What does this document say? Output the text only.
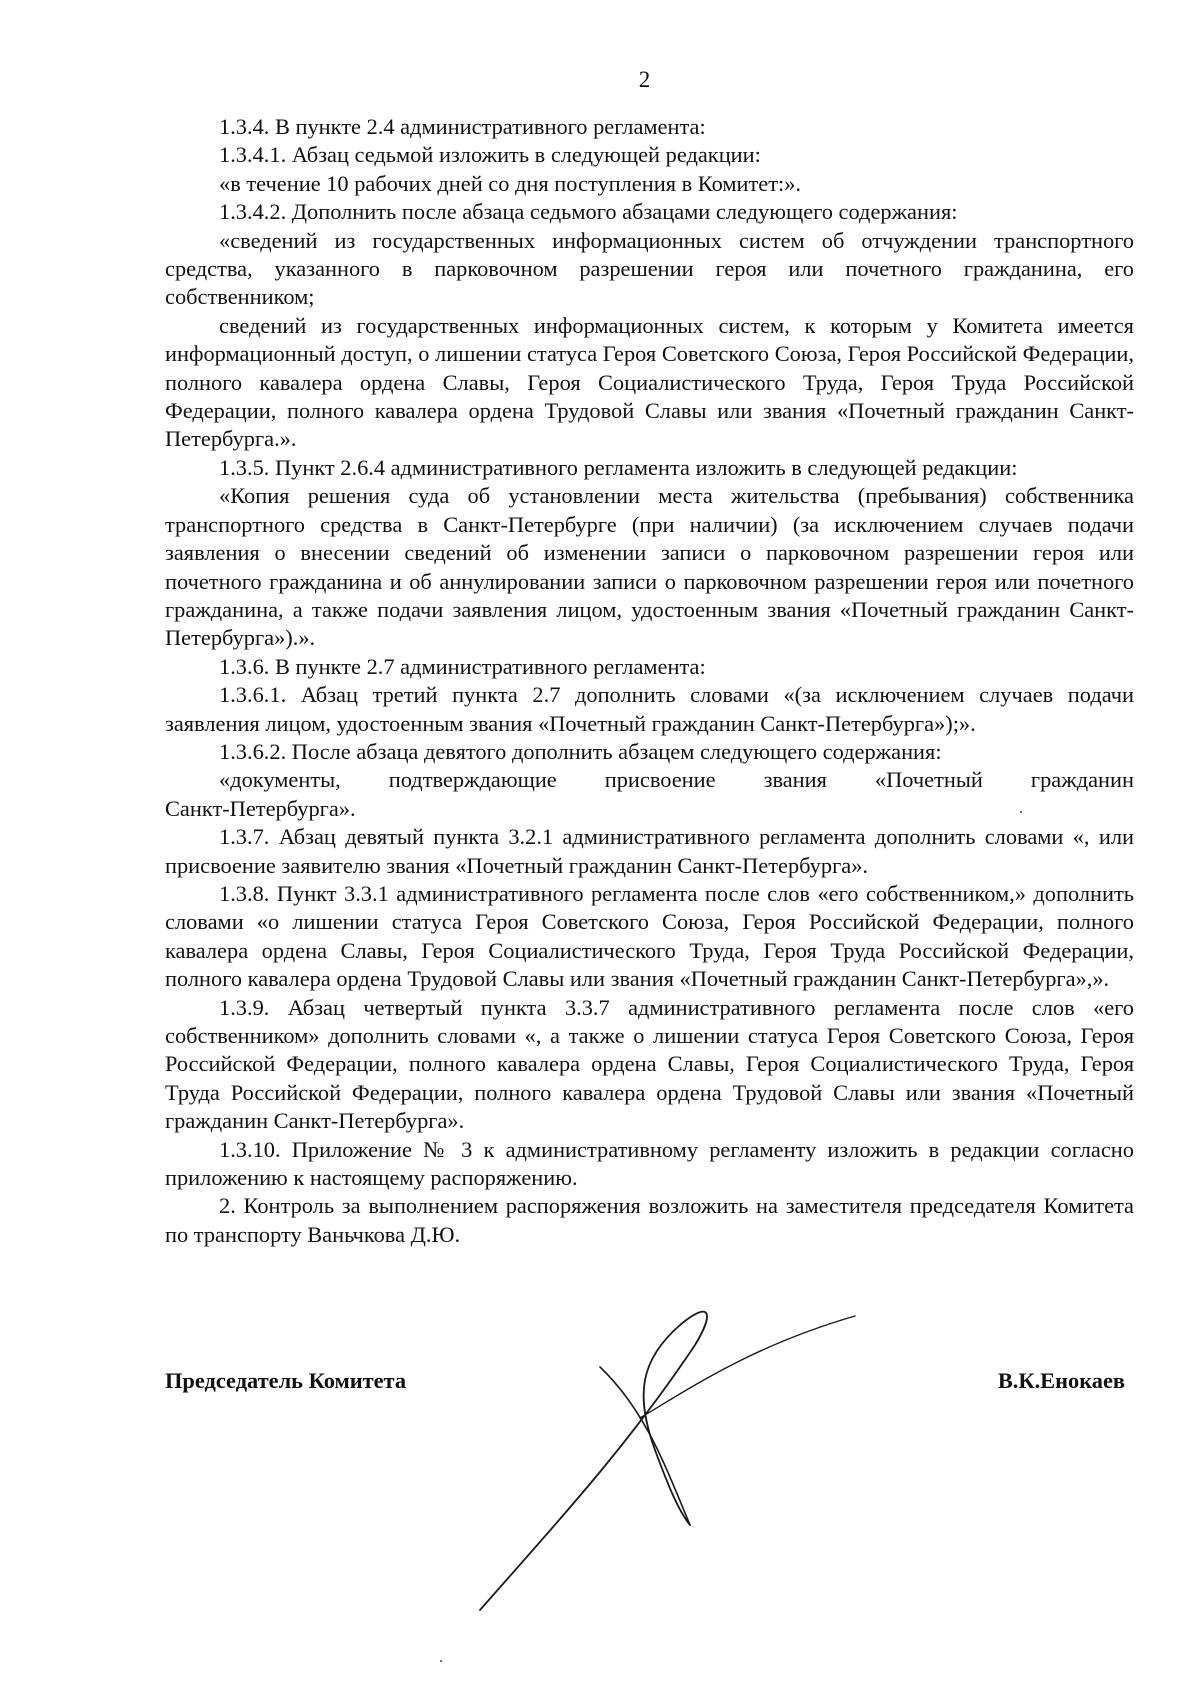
2

1.3.4. В пункте 2.4 административного регламента:

1.3.4.1. Абзац седьмой изложить в следующей редакции:

«в течение 10 рабочих дней со дня поступления в Комитет:».

1.3.4.2. Дополнить после абзаца седьмого абзацами следующего содержания:

«сведений из государственных информационных систем об отчуждении транспортного средства, указанного в парковочном разрешении героя или почетного гражданина, его собственником;

сведений из государственных информационных систем, к которым у Комитета имеется информационный доступ, о лишении статуса Героя Советского Союза, Героя Российской Федерации, полного кавалера ордена Славы, Героя Социалистического Труда, Героя Труда Российской Федерации, полного кавалера ордена Трудовой Славы или звания «Почетный гражданин Санкт-Петербурга.».

1.3.5. Пункт 2.6.4 административного регламента изложить в следующей редакции:

«Копия решения суда об установлении места жительства (пребывания) собственника транспортного средства в Санкт-Петербурге (при наличии) (за исключением случаев подачи заявления о внесении сведений об изменении записи о парковочном разрешении героя или почетного гражданина и об аннулировании записи о парковочном разрешении героя или почетного гражданина, а также подачи заявления лицом, удостоенным звания «Почетный гражданин Санкт-Петербурга»).».

1.3.6. В пункте 2.7 административного регламента:

1.3.6.1. Абзац третий пункта 2.7 дополнить словами «(за исключением случаев подачи заявления лицом, удостоенным звания «Почетный гражданин Санкт-Петербурга»);».

1.3.6.2. После абзаца девятого дополнить абзацем следующего содержания:

«документы, подтверждающие присвоение звания «Почетный гражданин

Санкт-Петербурга».

1.3.7. Абзац девятый пункта 3.2.1 административного регламента дополнить словами «, или присвоение заявителю звания «Почетный гражданин Санкт-Петербурга».

1.3.8. Пункт 3.3.1 административного регламента после слов «его собственником,» дополнить словами «о лишении статуса Героя Советского Союза, Героя Российской Федерации, полного кавалера ордена Славы, Героя Социалистического Труда, Героя Труда Российской Федерации, полного кавалера ордена Трудовой Славы или звания «Почетный гражданин Санкт-Петербурга»,».

1.3.9. Абзац четвертый пункта 3.3.7 административного регламента после слов «его собственником» дополнить словами «, а также о лишении статуса Героя Советского Союза, Героя Российской Федерации, полного кавалера ордена Славы, Героя Социалистического Труда, Героя Труда Российской Федерации, полного кавалера ордена Трудовой Славы или звания «Почетный гражданин Санкт-Петербурга».

1.3.10. Приложение № 3 к административному регламенту изложить в редакции согласно приложению к настоящему распоряжению.

2. Контроль за выполнением распоряжения возложить на заместителя председателя Комитета по транспорту Ваньчкова Д.Ю.

Председатель Комитета	В.К.Енокаев
